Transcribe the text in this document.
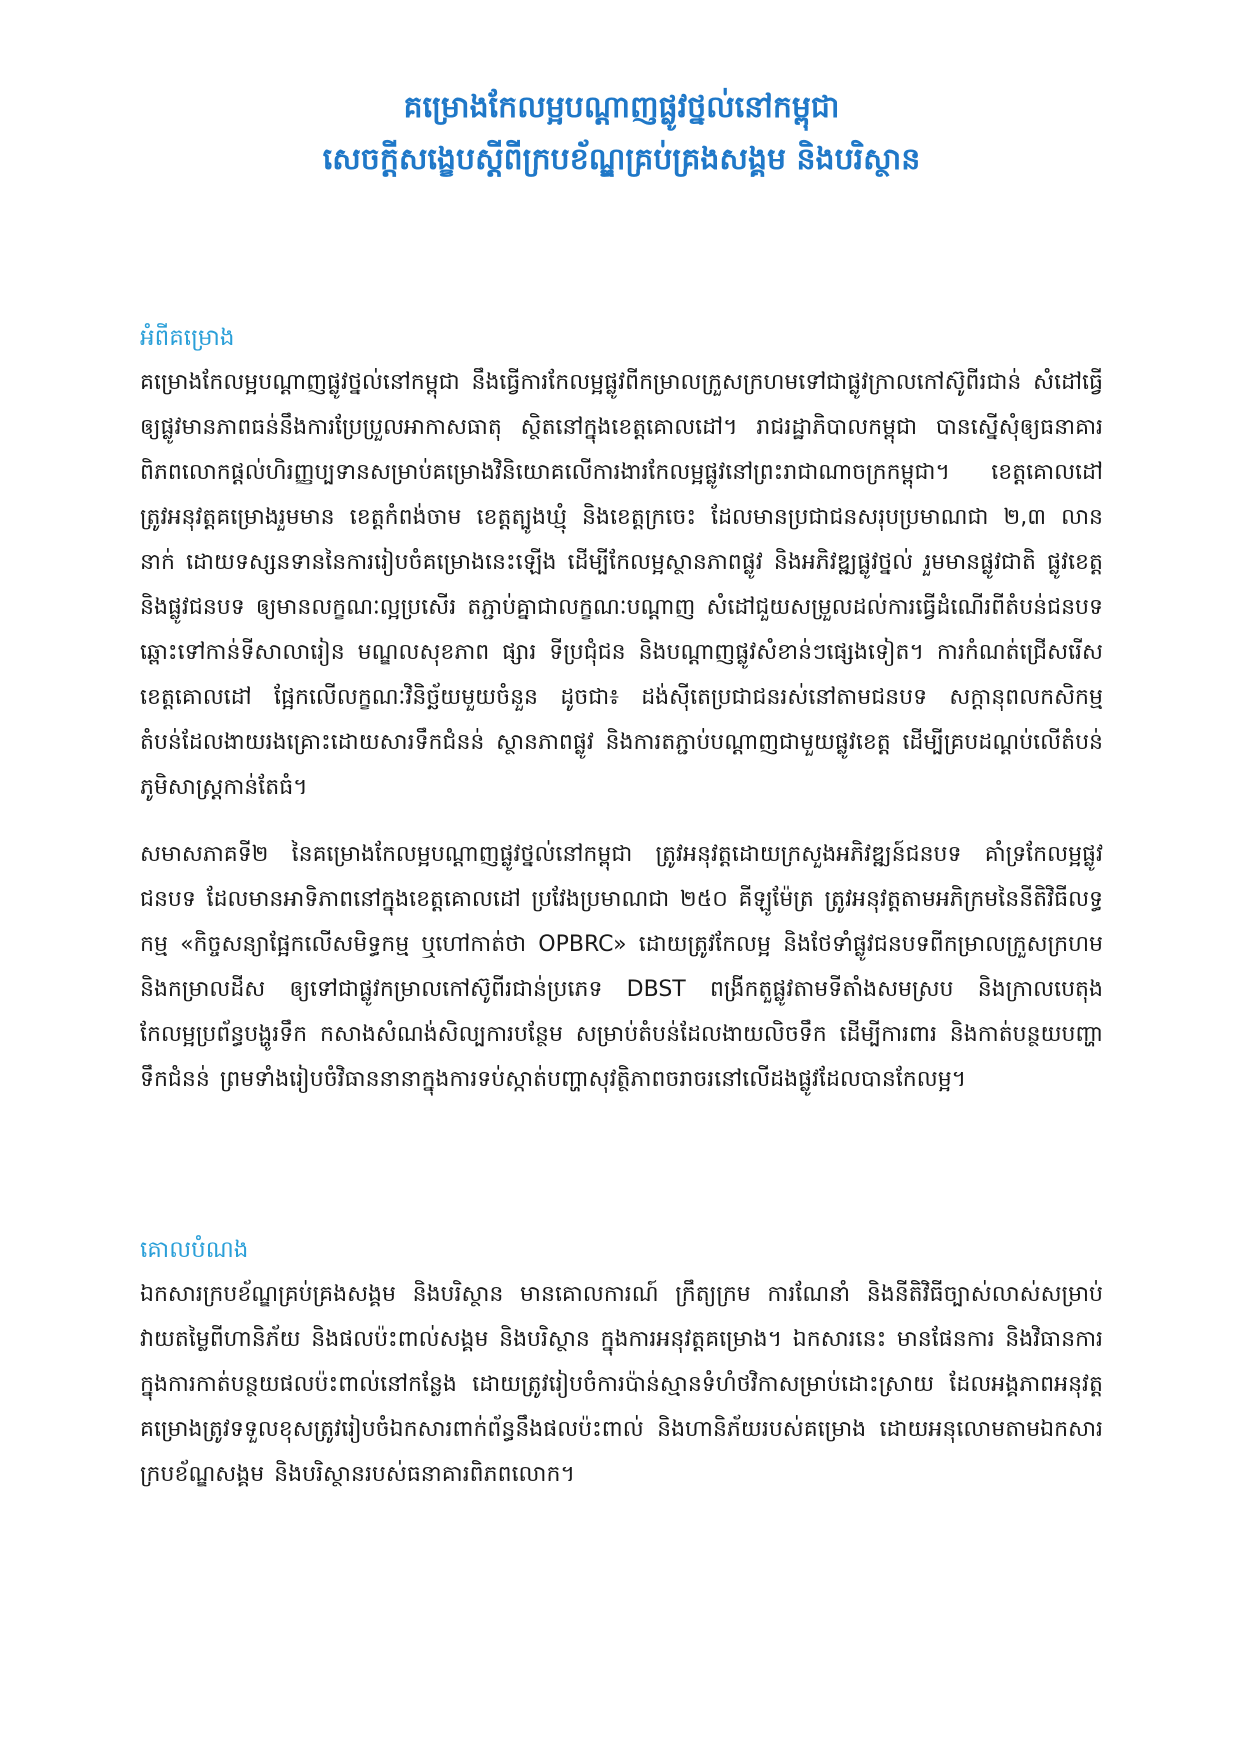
គម្រោងកែលម្អបណ្តាញផ្លូវថ្នល់នៅកម្ពុជា

សេចក្តីសង្ខេបស្តីពីក្របខ័ណ្ឌគ្រប់គ្រងសង្គម និងបរិស្ថាន

អំពីគម្រោង

គម្រោងកែលម្អបណ្តាញផ្លូវថ្នល់នៅកម្ពុជា នឹងធ្វើការកែលម្អផ្លូវពីកម្រាលក្រួសក្រហមទៅជាផ្លូវក្រាលកៅស៊ូពីរជាន់ សំដៅធ្វើឲ្យផ្លូវមានភាពធន់នឹងការប្រែប្រួលអាកាសធាតុ ស្ថិតនៅក្នុងខេត្តគោលដៅ។ រាជរដ្ឋាភិបាលកម្ពុជា បានស្នើសុំឲ្យធនាគារពិភពលោកផ្តល់ហិរញ្ញប្បទានសម្រាប់គម្រោងវិនិយោគលើការងារកែលម្អផ្លូវនៅព្រះរាជាណាចក្រកម្ពុជា។ ខេត្តគោលដៅ ត្រូវអនុវត្តគម្រោងរួមមាន ខេត្តកំពង់ចាម ខេត្តត្បូងឃ្មុំ និងខេត្តក្រចេះ ដែលមានប្រជាជនសរុបប្រមាណជា ២,៣ លាននាក់ ដោយទស្សនទាននៃការរៀបចំគម្រោងនេះឡើង ដើម្បីកែលម្អស្ថានភាពផ្លូវ និងអភិវឌ្ឍផ្លូវថ្នល់ រួមមានផ្លូវជាតិ ផ្លូវខេត្ត និងផ្លូវជនបទ ឲ្យមានលក្ខណៈល្អប្រសើរ តភ្ជាប់គ្នាជាលក្ខណៈបណ្តាញ សំដៅជួយសម្រួលដល់ការធ្វើដំណើរពីតំបន់ជនបទ ឆ្ពោះទៅកាន់ទីសាលារៀន មណ្ឌលសុខភាព ផ្សារ ទីប្រជុំជន និងបណ្តាញផ្លូវសំខាន់ៗផ្សេងទៀត។ ការកំណត់ជ្រើសរើសខេត្តគោលដៅ ផ្អែកលើលក្ខណៈវិនិច្ឆ័យមួយចំនួន ដូចជា៖ ដង់ស៊ីតេប្រជាជនរស់នៅតាមជនបទ សក្តានុពលកសិកម្ម តំបន់ដែលងាយរងគ្រោះដោយសារទឹកជំនន់ ស្ថានភាពផ្លូវ និងការតភ្ជាប់បណ្តាញជាមួយផ្លូវខេត្ត ដើម្បីគ្របដណ្តប់លើតំបន់ភូមិសាស្ត្រកាន់តែធំ។

សមាសភាគទី២ នៃគម្រោងកែលម្អបណ្តាញផ្លូវថ្នល់នៅកម្ពុជា ត្រូវអនុវត្តដោយក្រសួងអភិវឌ្ឍន៍ជនបទ គាំទ្រកែលម្អផ្លូវជនបទ ដែលមានអាទិភាពនៅក្នុងខេត្តគោលដៅ ប្រវែងប្រមាណជា ២៥០ គីឡូម៉ែត្រ ត្រូវអនុវត្តតាមអភិក្រមនៃនីតិវិធីលទ្ធកម្ម «កិច្ចសន្យាផ្អែកលើសមិទ្ធកម្ម ឬហៅកាត់ថា OPBRC» ដោយត្រូវកែលម្អ និងថែទាំផ្លូវជនបទពីកម្រាលក្រួសក្រហម និងកម្រាលដីស ឲ្យទៅជាផ្លូវកម្រាលកៅស៊ូពីរជាន់ប្រភេទ DBST ពង្រីកតួផ្លូវតាមទីតាំងសមស្រប និងក្រាលបេតុង កែលម្អប្រព័ន្ធបង្ហូរទឹក កសាងសំណង់សិល្បការបន្ថែម សម្រាប់តំបន់ដែលងាយលិចទឹក ដើម្បីការពារ និងកាត់បន្ថយបញ្ហាទឹកជំនន់ ព្រមទាំងរៀបចំវិធាននានាក្នុងការទប់ស្កាត់បញ្ហាសុវត្ថិភាពចរាចរនៅលើដងផ្លូវដែលបានកែលម្អ។

គោលបំណង

ឯកសារក្របខ័ណ្ឌគ្រប់គ្រងសង្គម និងបរិស្ថាន មានគោលការណ៍ ក្រឹត្យក្រម ការណែនាំ និងនីតិវិធីច្បាស់លាស់សម្រាប់វាយតម្លៃពីហានិភ័យ និងផលប៉ះពាល់សង្គម និងបរិស្ថាន ក្នុងការអនុវត្តគម្រោង។ ឯកសារនេះ មានផែនការ និងវិធានការ ក្នុងការកាត់បន្ថយផលប៉ះពាល់នៅកន្លែង ដោយត្រូវរៀបចំការប៉ាន់ស្មានទំហំថវិកាសម្រាប់ដោះស្រាយ ដែលអង្គភាពអនុវត្តគម្រោងត្រូវទទួលខុសត្រូវរៀបចំឯកសារពាក់ព័ន្ធនឹងផលប៉ះពាល់ និងហានិភ័យរបស់គម្រោង ដោយអនុលោមតាមឯកសារក្របខ័ណ្ឌសង្គម និងបរិស្ថានរបស់ធនាគារពិភពលោក។
